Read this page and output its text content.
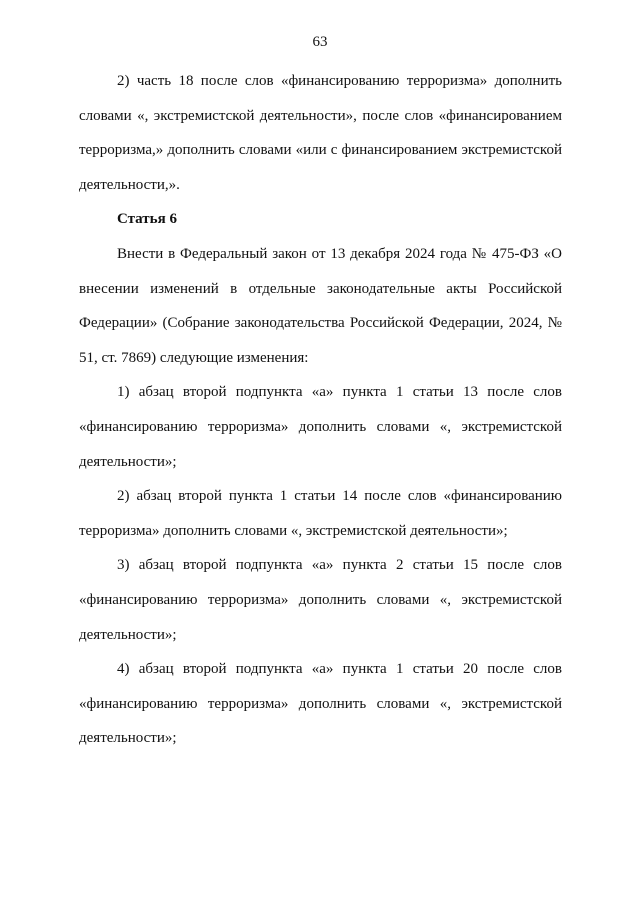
63

2) часть 18 после слов «финансированию терроризма» дополнить словами «, экстремистской деятельности», после слов «финансированием терроризма,» дополнить словами «или с финансированием экстремистской деятельности,».

Статья 6

Внести в Федеральный закон от 13 декабря 2024 года № 475-ФЗ «О внесении изменений в отдельные законодательные акты Российской Федерации» (Собрание законодательства Российской Федерации, 2024, № 51, ст. 7869) следующие изменения:

1) абзац второй подпункта «а» пункта 1 статьи 13 после слов «финансированию терроризма» дополнить словами «, экстремистской деятельности»;

2) абзац второй пункта 1 статьи 14 после слов «финансированию терроризма» дополнить словами «, экстремистской деятельности»;

3) абзац второй подпункта «а» пункта 2 статьи 15 после слов «финансированию терроризма» дополнить словами «, экстремистской деятельности»;

4) абзац второй подпункта «а» пункта 1 статьи 20 после слов «финансированию терроризма» дополнить словами «, экстремистской деятельности»;
